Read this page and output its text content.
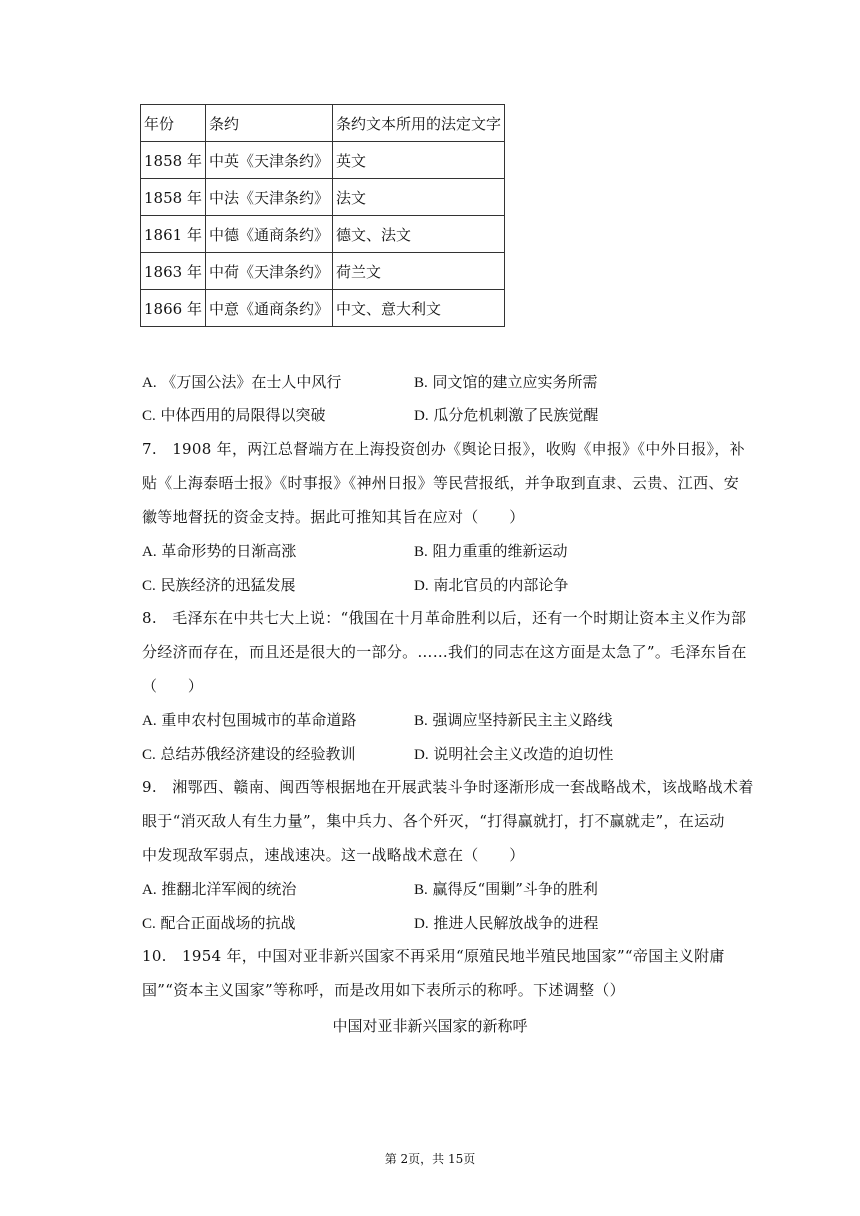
年份	条约	条约文本所用的法定文字
1858 年	中英《天津条约》	英文
1858 年	中法《天津条约》	法文
1861 年	中德《通商条约》	德文、法文
1863 年	中荷《天津条约》	荷兰文
1866 年	中意《通商条约》	中文、意大利文
A. 《万国公法》在士人中风行	B. 同文馆的建立应实务所需
C. 中体西用的局限得以突破	D. 瓜分危机刺激了民族觉醒
7.　1908 年，两江总督端方在上海投资创办《舆论日报》，收购《申报》《中外日报》，补
贴《上海泰晤士报》《时事报》《神州日报》等民营报纸，并争取到直隶、云贵、江西、安
徽等地督抚的资金支持。据此可推知其旨在应对（　　）
A. 革命形势的日渐高涨	B. 阻力重重的维新运动
C. 民族经济的迅猛发展	D. 南北官员的内部论争
8.　毛泽东在中共七大上说：“俄国在十月革命胜利以后，还有一个时期让资本主义作为部
分经济而存在，而且还是很大的一部分。……我们的同志在这方面是太急了”。毛泽东旨在
（　　）
A. 重申农村包围城市的革命道路	B. 强调应坚持新民主主义路线
C. 总结苏俄经济建设的经验教训	D. 说明社会主义改造的迫切性
9.　湘鄂西、赣南、闽西等根据地在开展武装斗争时逐渐形成一套战略战术，该战略战术着
眼于“消灭敌人有生力量”，集中兵力、各个歼灭，“打得赢就打，打不赢就走”，在运动
中发现敌军弱点，速战速决。这一战略战术意在（　　）
A. 推翻北洋军阀的统治	B. 赢得反“围剿”斗争的胜利
C. 配合正面战场的抗战	D. 推进人民解放战争的进程
10.　1954 年，中国对亚非新兴国家不再采用“原殖民地半殖民地国家”“帝国主义附庸
国”“资本主义国家”等称呼，而是改用如下表所示的称呼。下述调整（）
中国对亚非新兴国家的新称呼
第 2页，共 15页
